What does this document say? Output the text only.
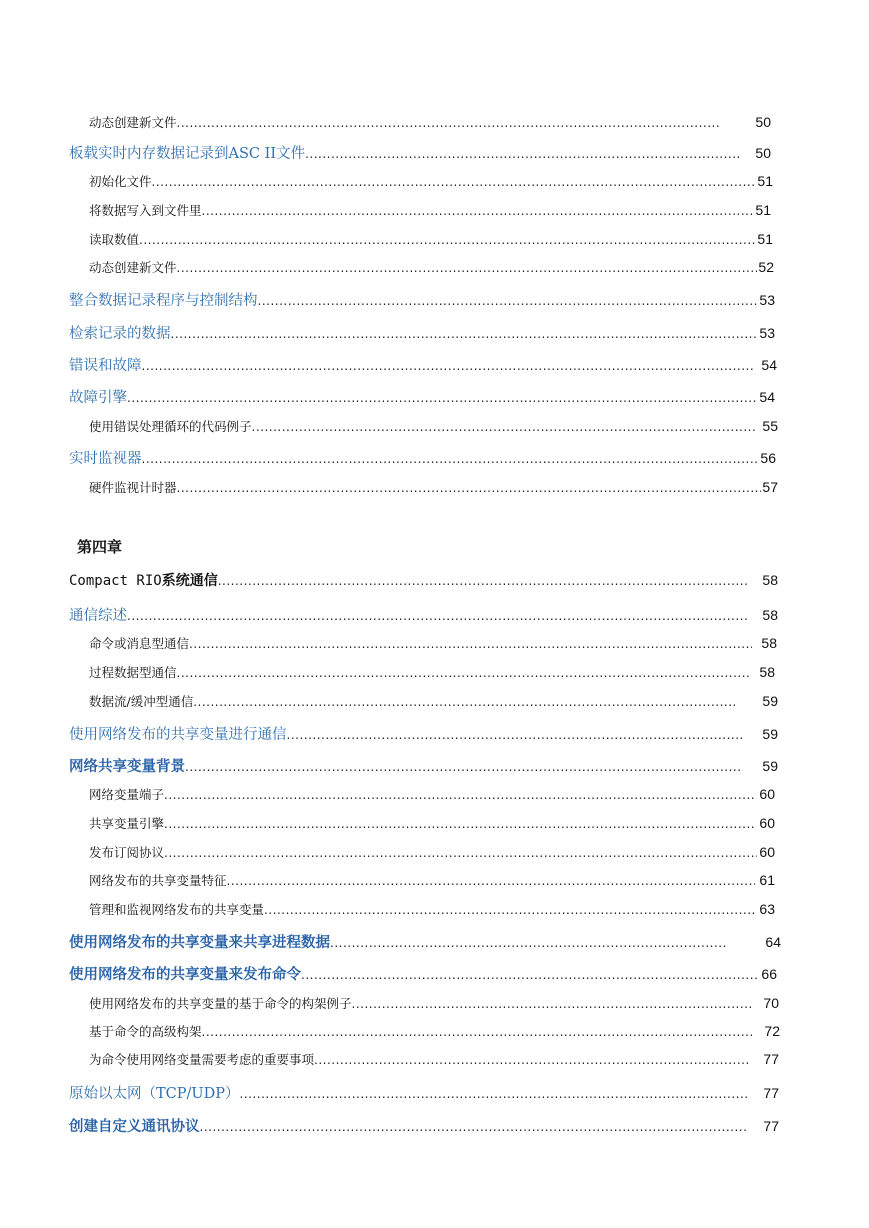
动态创建新文件 .....	50
板载实时内存数据记录到ASC II文件 .....	50
初始化文件 .....	51
将数据写入到文件里 .....	51
读取数值 .....	51
动态创建新文件 .....	52
整合数据记录程序与控制结构 .....	53
检索记录的数据 .....	53
错误和故障 .....	54
故障引擎 .....	54
使用错误处理循环的代码例子 .....	55
实时监视器 .....	56
硬件监视计时器 .....	57
第四章
Compact RIO系统通信 .....	58
通信综述 .....	58
命令或消息型通信 .....	58
过程数据型通信 .....	58
数据流/缓冲型通信 .....	59
使用网络发布的共享变量进行通信 .....	59
网络共享变量背景 .....	59
网络变量端子 .....	60
共享变量引擎 .....	60
发布订阅协议 .....	60
网络发布的共享变量特征 .....	61
管理和监视网络发布的共享变量 .....	63
使用网络发布的共享变量来共享进程数据 .....	64
使用网络发布的共享变量来发布命令 .....	66
使用网络发布的共享变量的基于命令的构架例子 .....	70
基于命令的高级构架 .....	72
为命令使用网络变量需要考虑的重要事项 .....	77
原始以太网（TCP/UDP） .....	77
创建自定义通讯协议 .....	77
